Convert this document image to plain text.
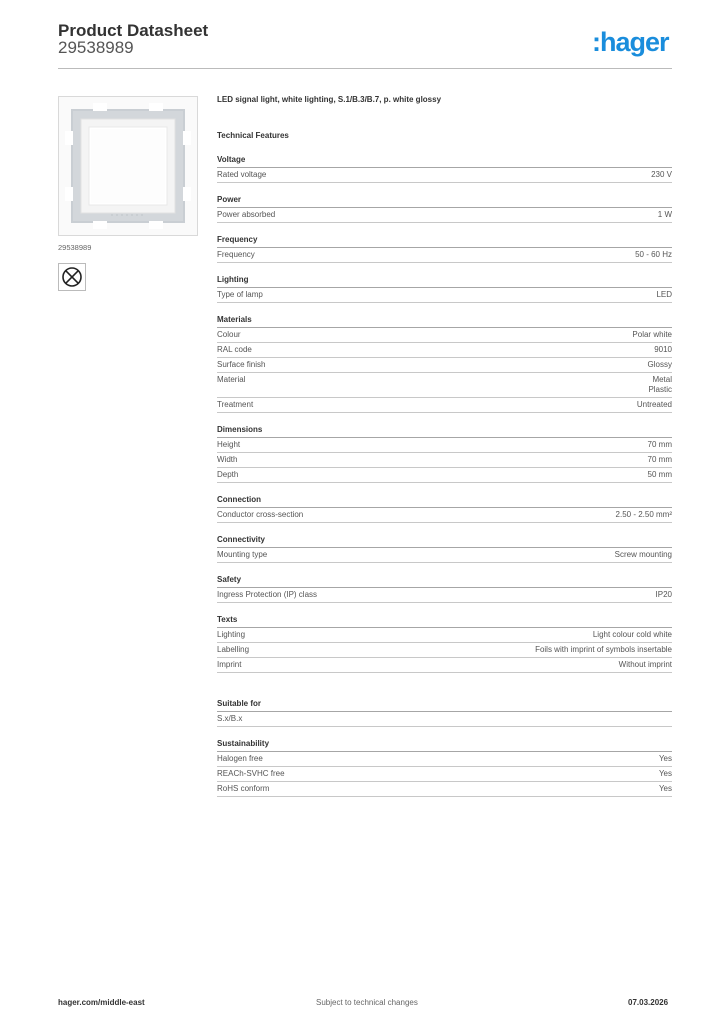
Product Datasheet
29538989	:hager
29538989
LED signal light, white lighting, S.1/B.3/B.7, p. white glossy
Technical Features
Voltage
Rated voltage	230 V
Power
Power absorbed	1 W
Frequency
Frequency	50 - 60 Hz
Lighting
Type of lamp	LED
Materials
Colour	Polar white
RAL code	9010
Surface finish	Glossy
Material	Metal
Plastic
Treatment	Untreated
Dimensions
Height	70 mm
Width	70 mm
Depth	50 mm
Connection
Conductor cross-section	2.50 - 2.50 mm²
Connectivity
Mounting type	Screw mounting
Safety
Ingress Protection (IP) class	IP20
Texts
Lighting	Light colour cold white
Labelling	Foils with imprint of symbols insertable
Imprint	Without imprint
Suitable for
S.x/B.x
Sustainability
Halogen free	Yes
REACh-SVHC free	Yes
RoHS conform	Yes
hager.com/middle-east	Subject to technical changes	07.03.2026
